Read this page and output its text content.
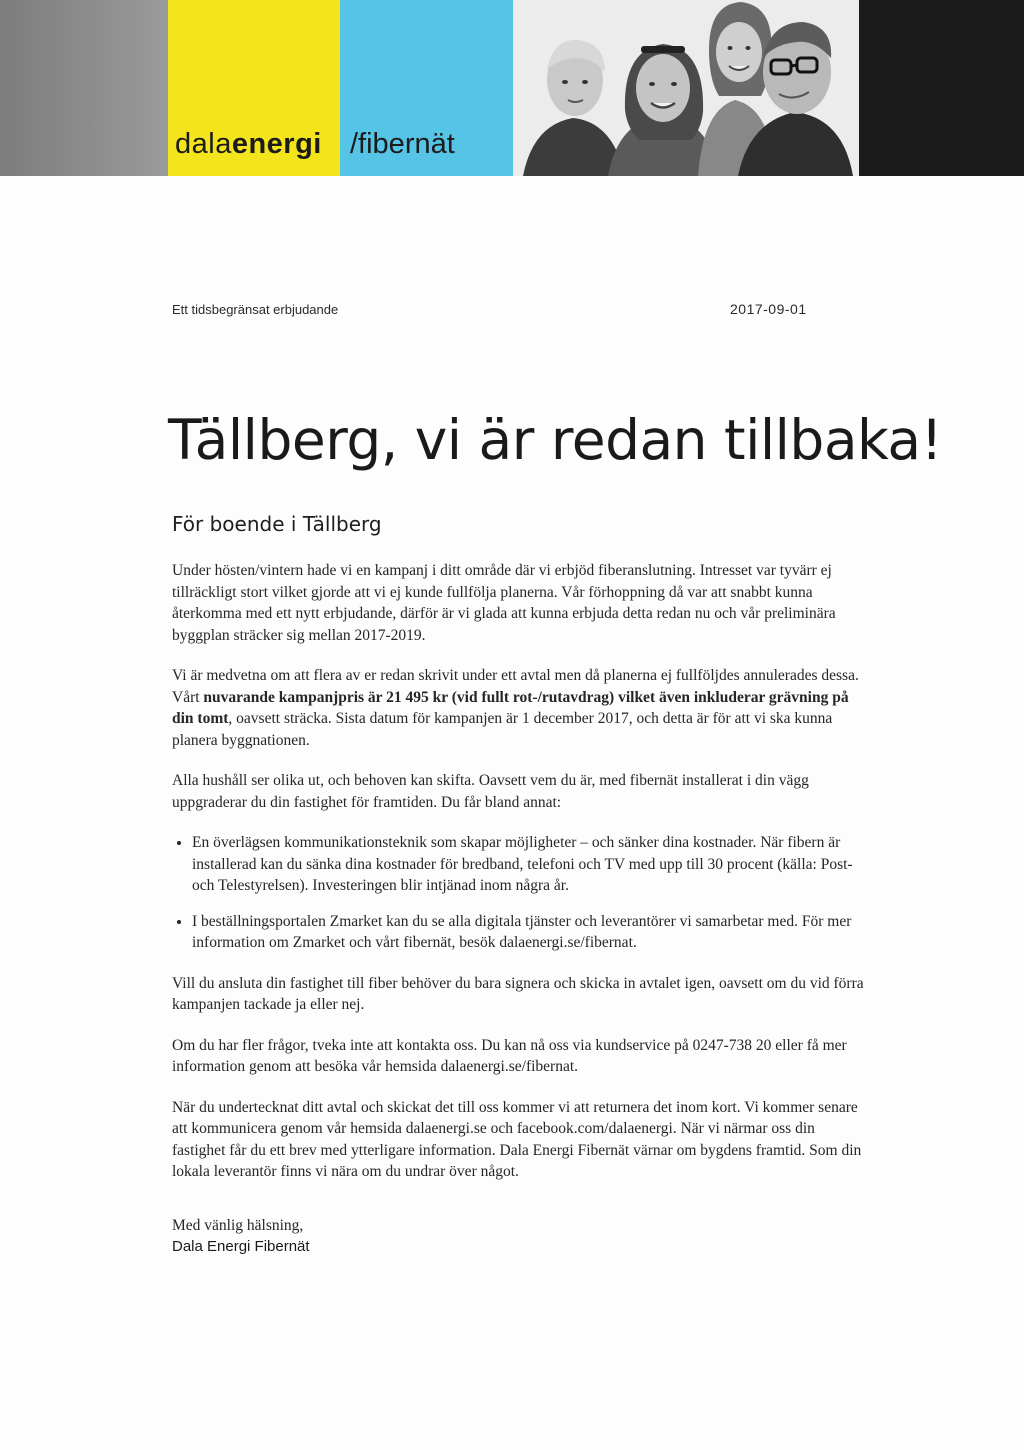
dalaenergi /fibernät
Ett tidsbegränsat erbjudande	2017-09-01
Tällberg, vi är redan tillbaka!
För boende i Tällberg

Under hösten/vintern hade vi en kampanj i ditt område där vi erbjöd fiberanslutning. Intresset var tyvärr ej tillräckligt stort vilket gjorde att vi ej kunde fullfölja planerna. Vår förhoppning då var att snabbt kunna återkomma med ett nytt erbjudande, därför är vi glada att kunna erbjuda detta redan nu och vår preliminära byggplan sträcker sig mellan 2017-2019.

Vi är medvetna om att flera av er redan skrivit under ett avtal men då planerna ej fullföljdes annulerades dessa. Vårt nuvarande kampanjpris är 21 495 kr (vid fullt rot-/rutavdrag) vilket även inkluderar grävning på din tomt, oavsett sträcka. Sista datum för kampanjen är 1 december 2017, och detta är för att vi ska kunna planera byggnationen.

Alla hushåll ser olika ut, och behoven kan skifta. Oavsett vem du är, med fibernät installerat i din vägg uppgraderar du din fastighet för framtiden. Du får bland annat:

• En överlägsen kommunikationsteknik som skapar möjligheter – och sänker dina kostnader. När fibern är installerad kan du sänka dina kostnader för bredband, telefoni och TV med upp till 30 procent (källa: Post- och Telestyrelsen). Investeringen blir intjänad inom några år.
• I beställningsportalen Zmarket kan du se alla digitala tjänster och leverantörer vi samarbetar med. För mer information om Zmarket och vårt fibernät, besök dalaenergi.se/fibernat.

Vill du ansluta din fastighet till fiber behöver du bara signera och skicka in avtalet igen, oavsett om du vid förra kampanjen tackade ja eller nej.

Om du har fler frågor, tveka inte att kontakta oss. Du kan nå oss via kundservice på 0247-738 20 eller få mer information genom att besöka vår hemsida dalaenergi.se/fibernat.

När du undertecknat ditt avtal och skickat det till oss kommer vi att returnera det inom kort. Vi kommer senare att kommunicera genom vår hemsida dalaenergi.se och facebook.com/dalaenergi. När vi närmar oss din fastighet får du ett brev med ytterligare information. Dala Energi Fibernät värnar om bygdens framtid. Som din lokala leverantör finns vi nära om du undrar över något.

Med vänlig hälsning,
Dala Energi Fibernät
